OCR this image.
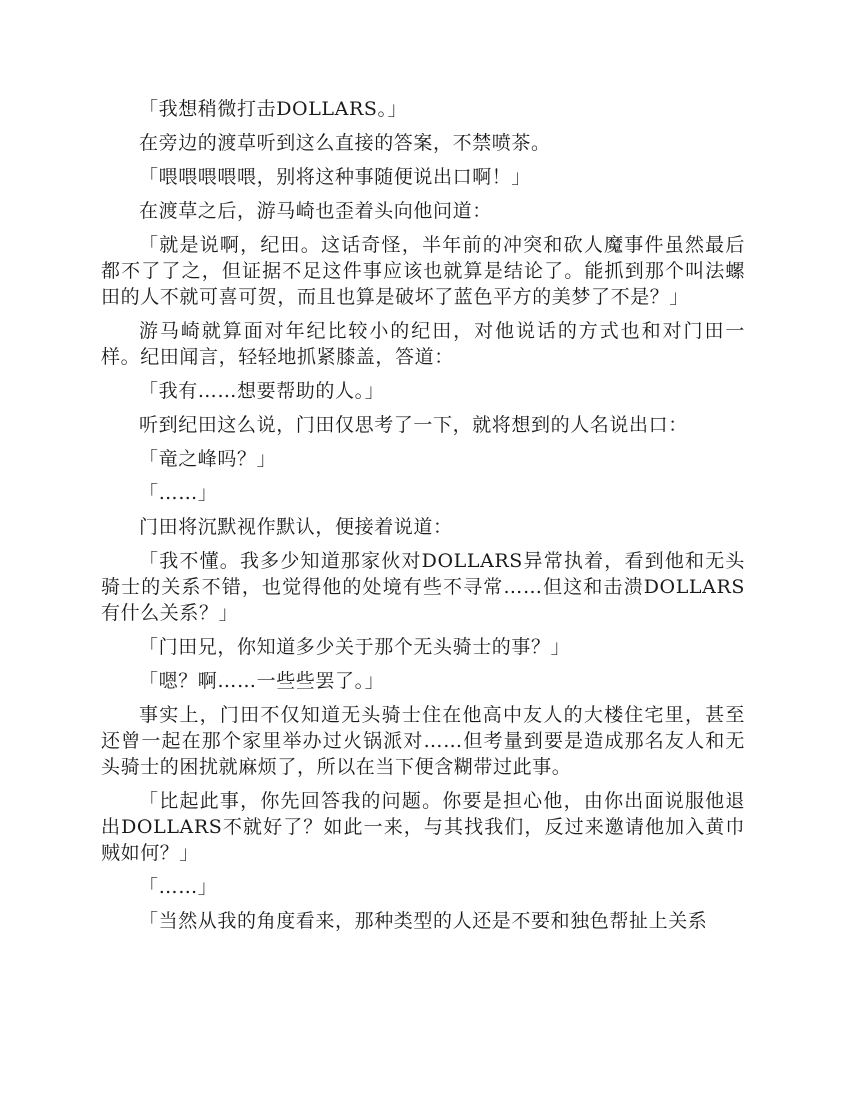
「我想稍微打击DOLLARS。」

在旁边的渡草听到这么直接的答案，不禁喷茶。

「喂喂喂喂喂，别将这种事随便说出口啊！」

在渡草之后，游马崎也歪着头向他问道：

「就是说啊，纪田。这话奇怪，半年前的冲突和砍人魔事件虽然最后都不了了之，但证据不足这件事应该也就算是结论了。能抓到那个叫法螺田的人不就可喜可贺，而且也算是破坏了蓝色平方的美梦了不是？」

游马崎就算面对年纪比较小的纪田，对他说话的方式也和对门田一样。纪田闻言，轻轻地抓紧膝盖，答道：

「我有……想要帮助的人。」

听到纪田这么说，门田仅思考了一下，就将想到的人名说出口：

「竜之峰吗？」

「……」

门田将沉默视作默认，便接着说道：

「我不懂。我多少知道那家伙对DOLLARS异常执着，看到他和无头骑士的关系不错，也觉得他的处境有些不寻常……但这和击溃DOLLARS有什么关系？」

「门田兄，你知道多少关于那个无头骑士的事？」

「嗯？啊……一些些罢了。」

事实上，门田不仅知道无头骑士住在他高中友人的大楼住宅里，甚至还曾一起在那个家里举办过火锅派对……但考量到要是造成那名友人和无头骑士的困扰就麻烦了，所以在当下便含糊带过此事。

「比起此事，你先回答我的问题。你要是担心他，由你出面说服他退出DOLLARS不就好了？如此一来，与其找我们，反过来邀请他加入黄巾贼如何？」

「……」

「当然从我的角度看来，那种类型的人还是不要和独色帮扯上关系
